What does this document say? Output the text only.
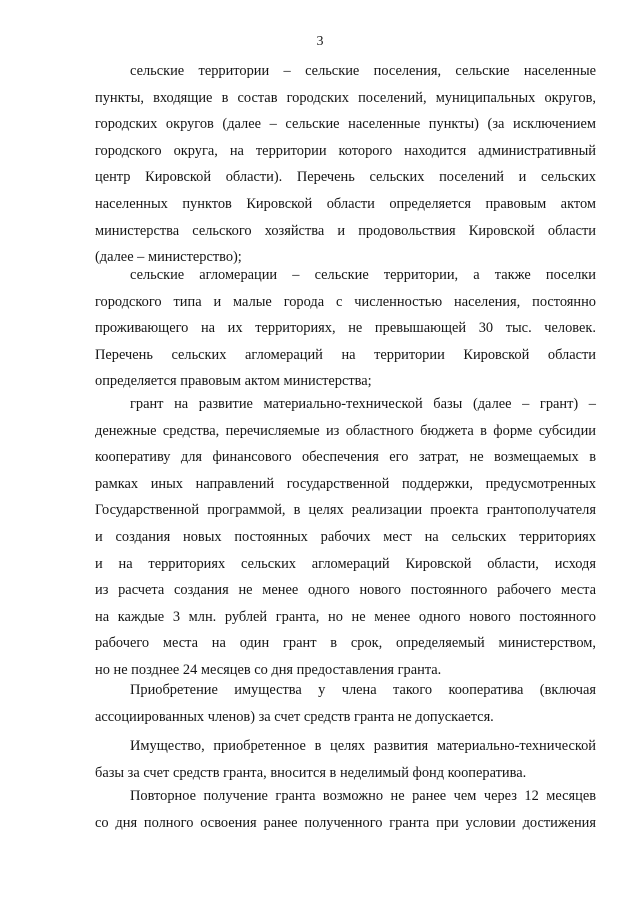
3
сельские территории – сельские поселения, сельские населенные
пункты, входящие в состав городских поселений, муниципальных округов,
городских округов (далее – сельские населенные пункты) (за исключением
городского округа, на территории которого находится административный
центр Кировской области). Перечень сельских поселений и сельских
населенных пунктов Кировской области определяется правовым актом
министерства сельского хозяйства и продовольствия Кировской области
(далее – министерство);
сельские агломерации – сельские территории, а также поселки
городского типа и малые города с численностью населения, постоянно
проживающего на их территориях, не превышающей 30 тыс. человек.
Перечень сельских агломераций на территории Кировской области
определяется правовым актом министерства;
грант на развитие материально-технической базы (далее – грант) –
денежные средства, перечисляемые из областного бюджета в форме субсидии
кооперативу для финансового обеспечения его затрат, не возмещаемых в
рамках иных направлений государственной поддержки, предусмотренных
Государственной программой, в целях реализации проекта грантополучателя
и создания новых постоянных рабочих мест на сельских территориях
и на территориях сельских агломераций Кировской области, исходя
из расчета создания не менее одного нового постоянного рабочего места
на каждые 3 млн. рублей гранта, но не менее одного нового постоянного
рабочего места на один грант в срок, определяемый министерством,
но не позднее 24 месяцев со дня предоставления гранта.
Приобретение имущества у члена такого кооператива (включая
ассоциированных членов) за счет средств гранта не допускается.
Имущество, приобретенное в целях развития материально-технической
базы за счет средств гранта, вносится в неделимый фонд кооператива.
Повторное получение гранта возможно не ранее чем через 12 месяцев
со дня полного освоения ранее полученного гранта при условии достижения
